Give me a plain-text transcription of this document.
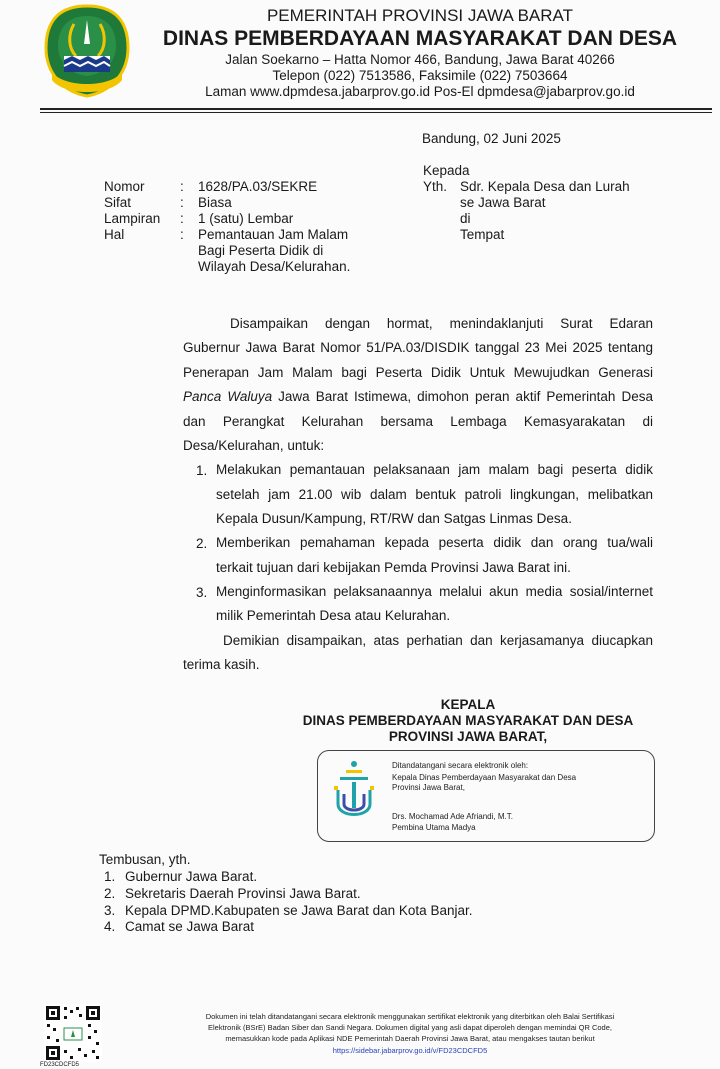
PEMERINTAH PROVINSI JAWA BARAT
DINAS PEMBERDAYAAN MASYARAKAT DAN DESA
Jalan Soekarno – Hatta Nomor 466, Bandung, Jawa Barat 40266
Telepon (022) 7513586, Faksimile (022) 7503664
Laman www.dpmdesa.jabarprov.go.id Pos-El dpmdesa@jabarprov.go.id
Bandung, 02 Juni 2025
Kepada
Yth. Sdr. Kepala Desa dan Lurah
se Jawa Barat
di
Tempat
Nomor	: 1628/PA.03/SEKRE
Sifat	: Biasa
Lampiran : 1 (satu) Lembar
Hal	: Pemantauan Jam Malam
Bagi Peserta Didik di
Wilayah Desa/Kelurahan.
Disampaikan dengan hormat, menindaklanjuti Surat Edaran
Gubernur Jawa Barat Nomor 51/PA.03/DISDIK tanggal 23 Mei 2025 tentang
Penerapan Jam Malam bagi Peserta Didik Untuk Mewujudkan Generasi
Panca Waluya Jawa Barat Istimewa, dimohon peran aktif Pemerintah Desa
dan Perangkat Kelurahan bersama Lembaga Kemasyarakatan di
Desa/Kelurahan, untuk:
1. Melakukan pemantauan pelaksanaan jam malam bagi peserta didik
setelah jam 21.00 wib dalam bentuk patroli lingkungan, melibatkan
Kepala Dusun/Kampung, RT/RW dan Satgas Linmas Desa.
2. Memberikan pemahaman kepada peserta didik dan orang tua/wali
terkait tujuan dari kebijakan Pemda Provinsi Jawa Barat ini.
3. Menginformasikan pelaksanaannya melalui akun media sosial/internet
milik Pemerintah Desa atau Kelurahan.
Demikian disampaikan, atas perhatian dan kerjasamanya diucapkan
terima kasih.
KEPALA
DINAS PEMBERDAYAAN MASYARAKAT DAN DESA
PROVINSI JAWA BARAT,
Ditandatangani secara elektronik oleh:
Kepala Dinas Pemberdayaan Masyarakat dan Desa
Provinsi Jawa Barat,
Drs. Mochamad Ade Afriandi, M.T.
Pembina Utama Madya
Tembusan, yth.
1. Gubernur Jawa Barat.
2. Sekretaris Daerah Provinsi Jawa Barat.
3. Kepala DPMD.Kabupaten se Jawa Barat dan Kota Banjar.
4. Camat se Jawa Barat
FD23CDCFD5
Dokumen ini telah ditandatangani secara elektronik menggunakan sertifikat elektronik yang diterbitkan oleh Balai Sertifikasi
Elektronik (BSrE) Badan Siber dan Sandi Negara. Dokumen digital yang asli dapat diperoleh dengan memindai QR Code,
memasukkan kode pada Aplikasi NDE Pemerintah Daerah Provinsi Jawa Barat, atau mengakses tautan berikut
https://sidebar.jabarprov.go.id/v/FD23CDCFD5
